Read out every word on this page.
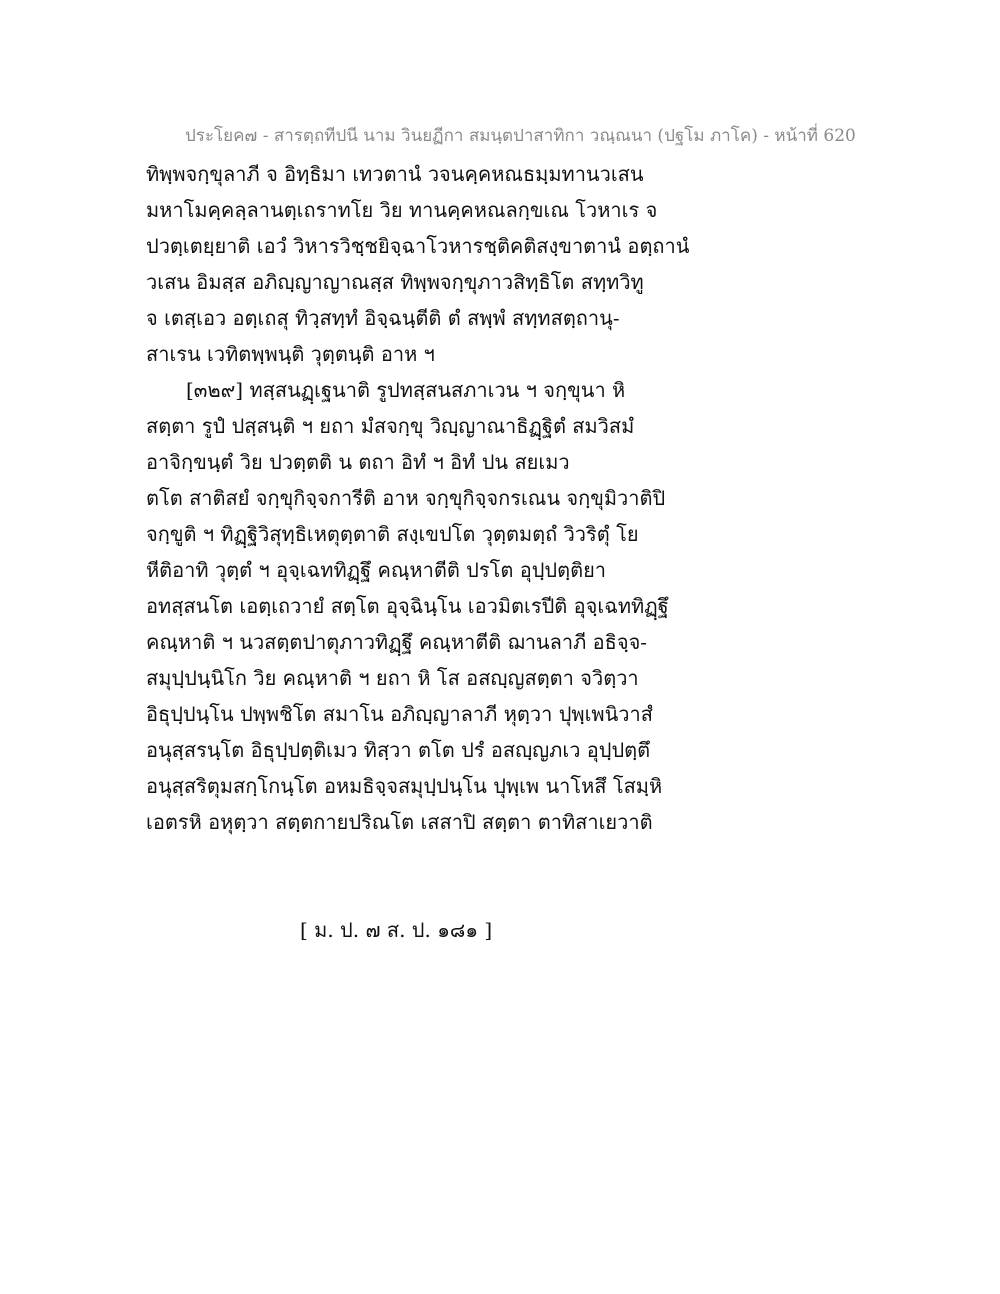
ประโยค๗ - สารตฺถทีปนี นาม วินยฏีกา สมนฺตปาสาทิกา วณฺณนา (ปฐโม ภาโค) - หน้าที่ 620
ทิพฺพจกฺขุลาภี จ อิทฺธิมา เทวตานํ วจนคฺคหณธมฺมทานวเสน
มหาโมคฺคลฺลานตฺเถราทโย วิย ทานคฺคหณลกฺขเณ โวหาเร จ
ปวตฺเตยฺยาติ เอวํ วิหารวิชฺชยิจฺฉาโวหารชฺติคติสงฺขาตานํ อตฺถานํ
วเสน อิมสฺส อภิญฺญาญาณสฺส ทิพฺพจกฺขุภาวสิทฺธิโต สทฺทวิทู
จ เตสฺเอว อตฺเถสุ ทิวฺสทฺทํ อิจฺฉนฺตีติ ตํ สพฺพํ สทฺทสตฺถานุ-
สาเรน เวทิตพฺพนฺติ วุตฺตนฺติ อาห ฯ
[๓๒๙] ทสฺสนฏฺเฐนาติ รูปทสฺสนสภาเวน ฯ จกฺขุนา หิ
สตฺตา รูปํ ปสฺสนฺติ ฯ ยถา มํสจกฺขุ วิญฺญาณาธิฏฺฐิตํ สมวิสมํ
อาจิกฺขนฺตํ วิย ปวตฺตติ น ตถา อิทํ ฯ อิทํ ปน สยเมว
ตโต สาติสยํ จกฺขุกิจฺจการีติ อาห จกฺขุกิจฺจกรเณน จกฺขุมิวาติปิ
จกฺขูติ ฯ ทิฏฺฐิวิสุทฺธิเหตุตฺตาติ สงฺเขปโต วุตฺตมตฺถํ วิวริตุํ โย
หีติอาทิ วุตฺตํ ฯ อุจฺเฉททิฏฺฐึ คณฺหาตีติ ปรโต อุปฺปตฺติยา
อทสฺสนโต เอตฺเถวายํ สตฺโต อุจฺฉินฺโน เอวมิตเรปีติ อุจฺเฉททิฏฺฐึ
คณฺหาติ ฯ นวสตฺตปาตุภาวทิฏฺฐึ คณฺหาตีติ ฌานลาภี อธิจฺจ-
สมุปฺปนฺนิโก วิย คณฺหาติ ฯ ยถา หิ โส อสญฺญสตฺตา จวิตฺวา
อิธุปฺปนฺโน ปพฺพชิโต สมาโน อภิญฺญาลาภี หุตฺวา ปุพฺเพนิวาสํ
อนุสฺสรนฺโต อิธุปฺปตฺติเมว ทิสฺวา ตโต ปรํ อสญฺญภเว อุปฺปตฺตึ
อนุสฺสริตุมสกฺโกนฺโต อหมธิจฺจสมุปฺปนฺโน ปุพฺเพ นาโหสึ โสมฺหิ
เอตรหิ อหุตฺวา สตฺตกายปริณโต เสสาปิ สตฺตา ตาทิสาเยวาติ
[ ม. ป. ๗ ส. ป. ๑๘๑ ]
